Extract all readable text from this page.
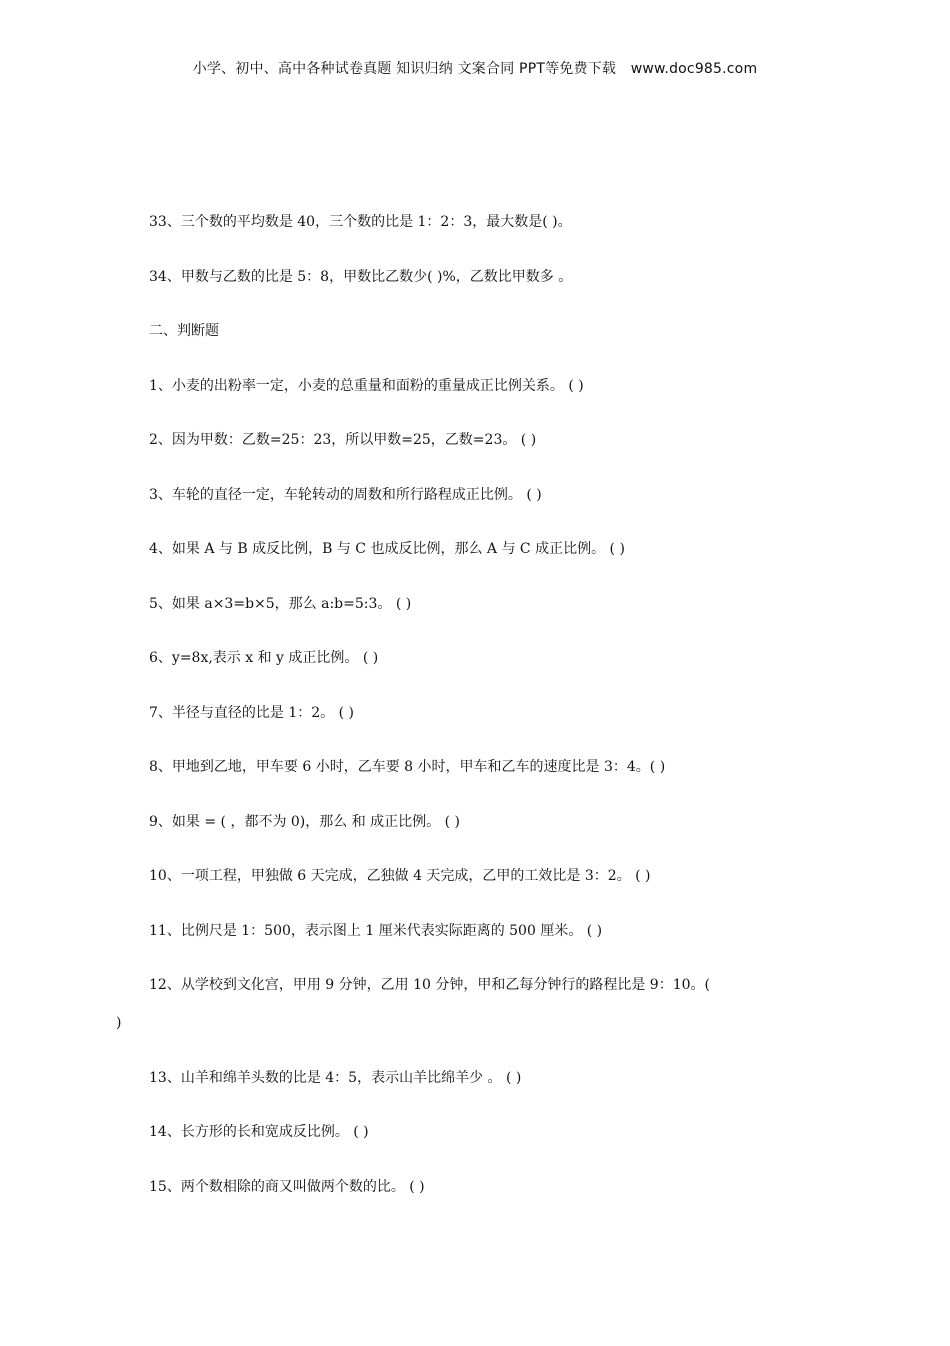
小学、初中、高中各种试卷真题 知识归纳 文案合同 PPT等免费下载 www.doc985.com
33、三个数的平均数是 40，三个数的比是 1：2：3，最大数是( )。
34、甲数与乙数的比是 5：8，甲数比乙数少( )%，乙数比甲数多 。
二、判断题
1、小麦的出粉率一定，小麦的总重量和面粉的重量成正比例关系。 ( )
2、因为甲数：乙数=25：23，所以甲数=25，乙数=23。 ( )
3、车轮的直径一定，车轮转动的周数和所行路程成正比例。 ( )
4、如果 A 与 B 成反比例，B 与 C 也成反比例，那么 A 与 C 成正比例。 ( )
5、如果 a×3=b×5，那么 a:b=5:3。 ( )
6、y=8x,表示 x 和 y 成正比例。 ( )
7、半径与直径的比是 1：2。 ( )
8、甲地到乙地，甲车要 6 小时，乙车要 8 小时，甲车和乙车的速度比是 3：4。( )
9、如果 = ( ，都不为 0)，那么 和 成正比例。 ( )
10、一项工程，甲独做 6 天完成，乙独做 4 天完成，乙甲的工效比是 3：2。 ( )
11、比例尺是 1：500，表示图上 1 厘米代表实际距离的 500 厘米。 ( )
12、从学校到文化宫，甲用 9 分钟，乙用 10 分钟，甲和乙每分钟行的路程比是 9：10。(
)
13、山羊和绵羊头数的比是 4：5，表示山羊比绵羊少 。 ( )
14、长方形的长和宽成反比例。 ( )
15、两个数相除的商又叫做两个数的比。 ( )
